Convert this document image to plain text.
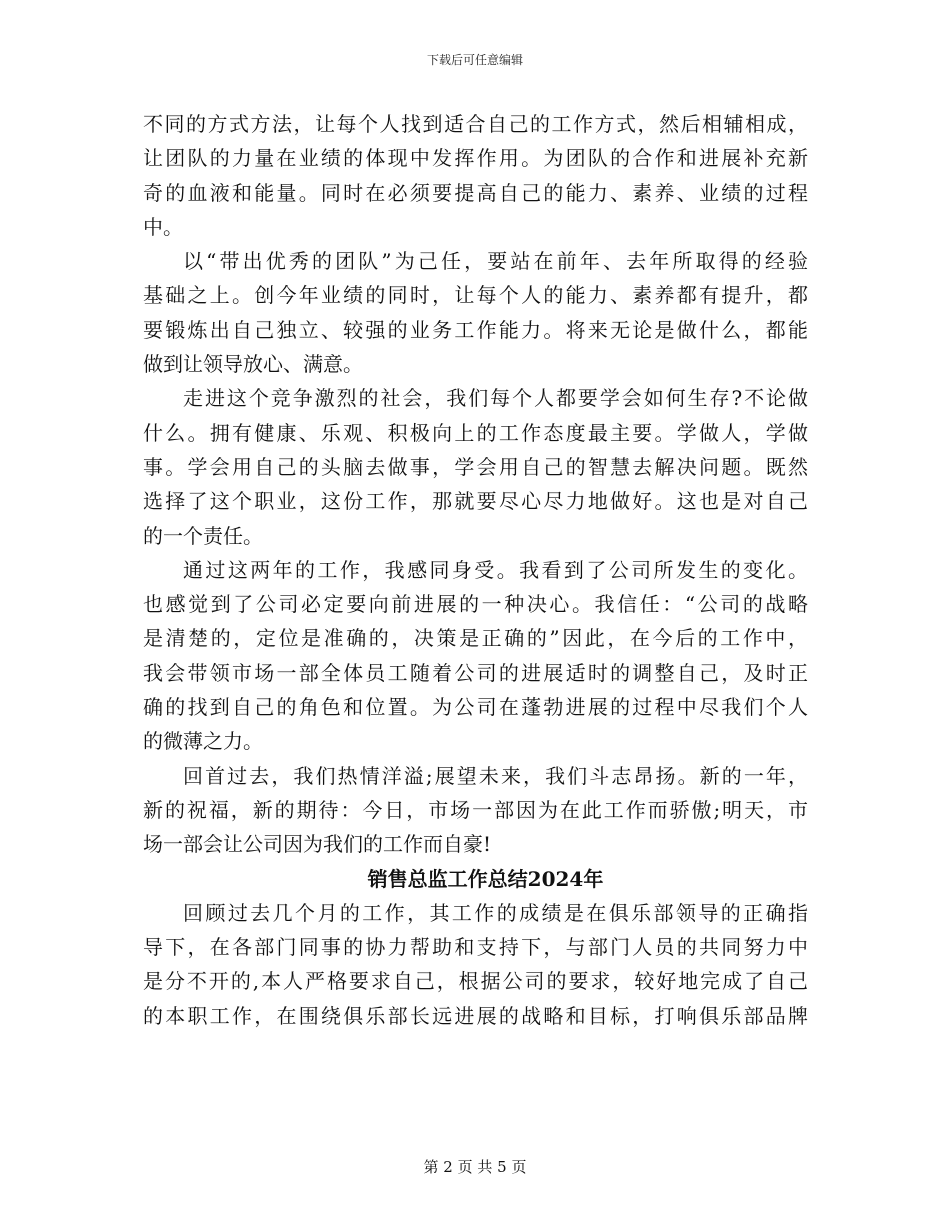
下载后可任意编辑
不同的方式方法，让每个人找到适合自己的工作方式，然后相辅相成，
让团队的力量在业绩的体现中发挥作用。为团队的合作和进展补充新
奇的血液和能量。同时在必须要提高自己的能力、素养、业绩的过程
中。
以“带出优秀的团队”为己任，要站在前年、去年所取得的经验
基础之上。创今年业绩的同时，让每个人的能力、素养都有提升，都
要锻炼出自己独立、较强的业务工作能力。将来无论是做什么，都能
做到让领导放心、满意。
走进这个竞争激烈的社会，我们每个人都要学会如何生存?不论做
什么。拥有健康、乐观、积极向上的工作态度最主要。学做人，学做
事。学会用自己的头脑去做事，学会用自己的智慧去解决问题。既然
选择了这个职业，这份工作，那就要尽心尽力地做好。这也是对自己
的一个责任。
通过这两年的工作，我感同身受。我看到了公司所发生的变化。
也感觉到了公司必定要向前进展的一种决心。我信任：“公司的战略
是清楚的，定位是准确的，决策是正确的”因此，在今后的工作中，
我会带领市场一部全体员工随着公司的进展适时的调整自己，及时正
确的找到自己的角色和位置。为公司在蓬勃进展的过程中尽我们个人
的微薄之力。
回首过去，我们热情洋溢;展望未来，我们斗志昂扬。新的一年，
新的祝福，新的期待：今日，市场一部因为在此工作而骄傲;明天，市
场一部会让公司因为我们的工作而自豪!
销售总监工作总结2024年
回顾过去几个月的工作，其工作的成绩是在俱乐部领导的正确指
导下，在各部门同事的协力帮助和支持下，与部门人员的共同努力中
是分不开的,本人严格要求自己，根据公司的要求，较好地完成了自己
的本职工作，在围绕俱乐部长远进展的战略和目标，打响俱乐部品牌
第 2 页 共 5 页
